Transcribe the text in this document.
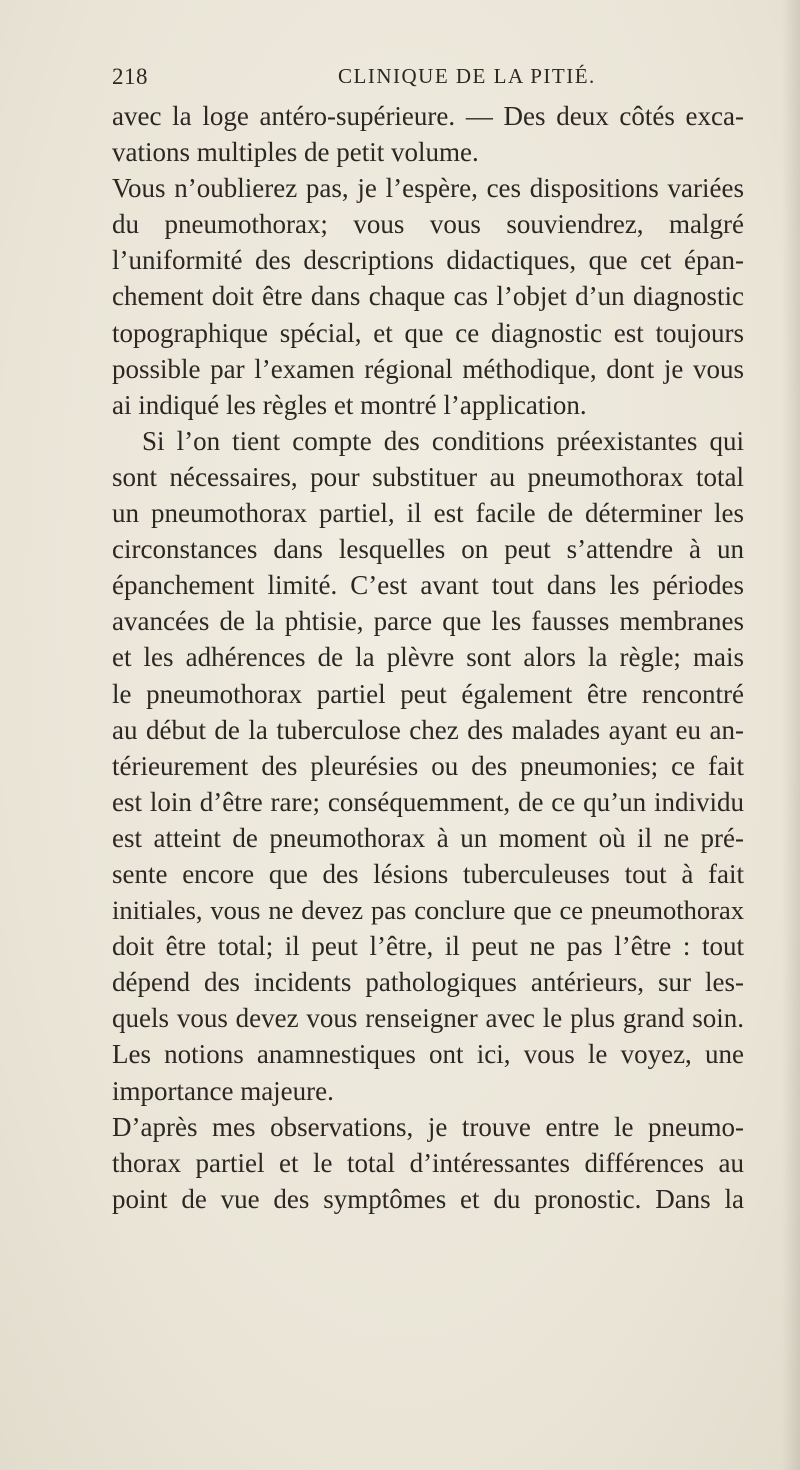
218	CLINIQUE DE LA PITIÉ.
avec la loge antéro-supérieure. — Des deux côtés exca-
vations multiples de petit volume.
Vous n’oublierez pas, je l’espère, ces dispositions variées
du pneumothorax; vous vous souviendrez, malgré
l’uniformité des descriptions didactiques, que cet épan-
chement doit être dans chaque cas l’objet d’un diagnostic
topographique spécial, et que ce diagnostic est toujours
possible par l’examen régional méthodique, dont je vous
ai indiqué les règles et montré l’application.
Si l’on tient compte des conditions préexistantes qui
sont nécessaires, pour substituer au pneumothorax total
un pneumothorax partiel, il est facile de déterminer les
circonstances dans lesquelles on peut s’attendre à un
épanchement limité. C’est avant tout dans les périodes
avancées de la phtisie, parce que les fausses membranes
et les adhérences de la plèvre sont alors la règle; mais
le pneumothorax partiel peut également être rencontré
au début de la tuberculose chez des malades ayant eu an-
térieurement des pleurésies ou des pneumonies; ce fait
est loin d’être rare; conséquemment, de ce qu’un individu
est atteint de pneumothorax à un moment où il ne pré-
sente encore que des lésions tuberculeuses tout à fait
initiales, vous ne devez pas conclure que ce pneumothorax
doit être total; il peut l’être, il peut ne pas l’être : tout
dépend des incidents pathologiques antérieurs, sur les-
quels vous devez vous renseigner avec le plus grand soin.
Les notions anamnestiques ont ici, vous le voyez, une
importance majeure.
D’après mes observations, je trouve entre le pneumo-
thorax partiel et le total d’intéressantes différences au
point de vue des symptômes et du pronostic. Dans la
